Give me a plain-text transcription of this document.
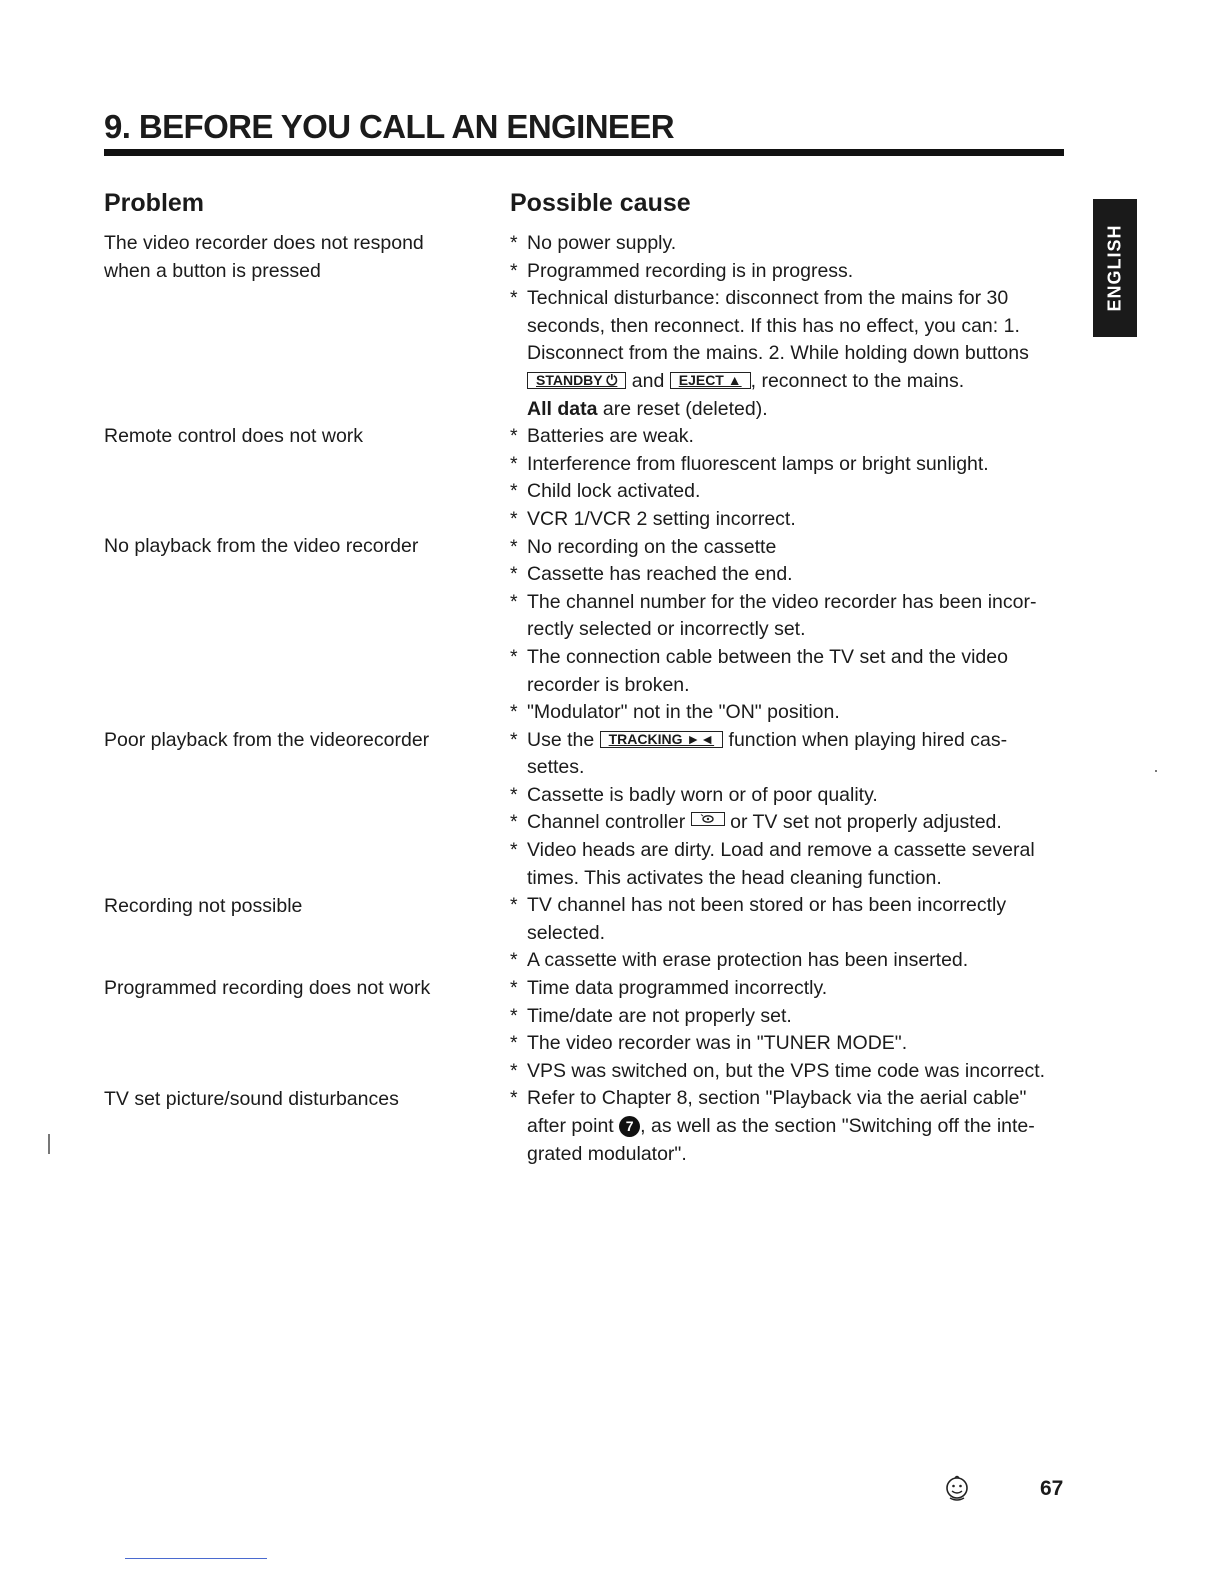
9. BEFORE YOU CALL AN ENGINEER
ENGLISH
Problem	Possible cause
The video recorder does not respond
when a button is pressed
Remote control does not work
No playback from the video recorder
Poor playback from the videorecorder
Recording not possible
Programmed recording does not work
TV set picture/sound disturbances
* No power supply.
* Programmed recording is in progress.
* Technical disturbance: disconnect from the mains for 30
seconds, then reconnect. If this has no effect, you can: 1.
Disconnect from the mains. 2. While holding down buttons
STANDBY ⏻ and EJECT ▲ , reconnect to the mains.
All data are reset (deleted).
* Batteries are weak.
* Interference from fluorescent lamps or bright sunlight.
* Child lock activated.
* VCR 1/VCR 2 setting incorrect.
* No recording on the cassette
* Cassette has reached the end.
* The channel number for the video recorder has been incor-
rectly selected or incorrectly set.
* The connection cable between the TV set and the video
recorder is broken.
* "Modulator" not in the "ON" position.
* Use the TRACKING ►◄ function when playing hired cas-
settes.
* Cassette is badly worn or of poor quality.
* Channel controller or TV set not properly adjusted.
* Video heads are dirty. Load and remove a cassette several
times. This activates the head cleaning function.
* TV channel has not been stored or has been incorrectly
selected.
* A cassette with erase protection has been inserted.
* Time data programmed incorrectly.
* Time/date are not properly set.
* The video recorder was in "TUNER MODE".
* VPS was switched on, but the VPS time code was incorrect.
* Refer to Chapter 8, section "Playback via the aerial cable"
after point 7 , as well as the section "Switching off the inte-
grated modulator".
67
